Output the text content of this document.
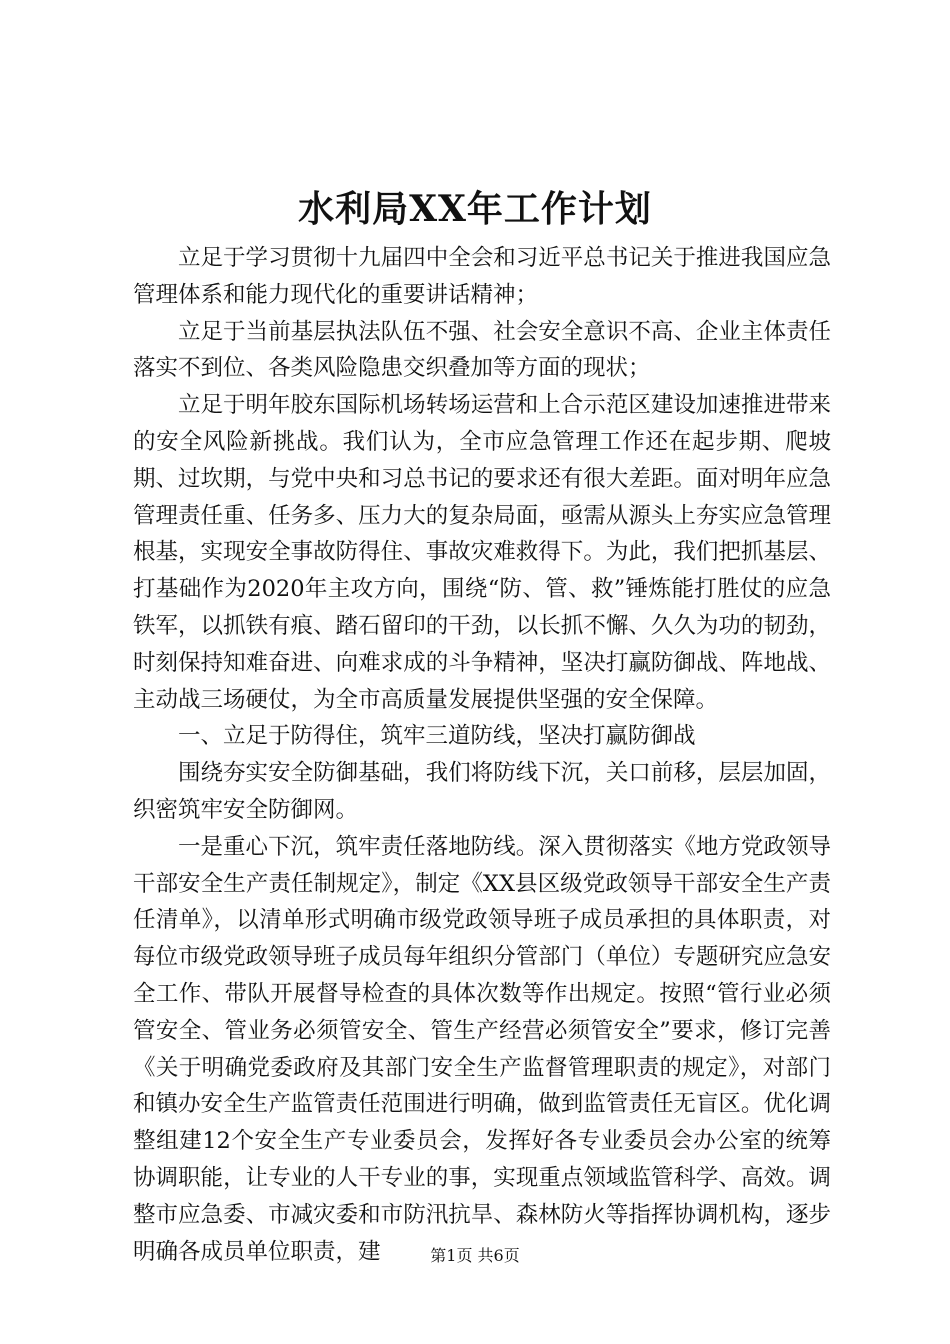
水利局XX年工作计划

立足于学习贯彻十九届四中全会和习近平总书记关于推进我国应急管理体系和能力现代化的重要讲话精神；

立足于当前基层执法队伍不强、社会安全意识不高、企业主体责任落实不到位、各类风险隐患交织叠加等方面的现状；

立足于明年胶东国际机场转场运营和上合示范区建设加速推进带来的安全风险新挑战。我们认为，全市应急管理工作还在起步期、爬坡期、过坎期，与党中央和习总书记的要求还有很大差距。面对明年应急管理责任重、任务多、压力大的复杂局面，亟需从源头上夯实应急管理根基，实现安全事故防得住、事故灾难救得下。为此，我们把抓基层、打基础作为2020年主攻方向，围绕“防、管、救”锤炼能打胜仗的应急铁军，以抓铁有痕、踏石留印的干劲，以长抓不懈、久久为功的韧劲，时刻保持知难奋进、向难求成的斗争精神，坚决打赢防御战、阵地战、主动战三场硬仗，为全市高质量发展提供坚强的安全保障。

一、立足于防得住，筑牢三道防线，坚决打赢防御战

围绕夯实安全防御基础，我们将防线下沉，关口前移，层层加固，织密筑牢安全防御网。

一是重心下沉，筑牢责任落地防线。深入贯彻落实《地方党政领导干部安全生产责任制规定》，制定《XX县区级党政领导干部安全生产责任清单》，以清单形式明确市级党政领导班子成员承担的具体职责，对每位市级党政领导班子成员每年组织分管部门（单位）专题研究应急安全工作、带队开展督导检查的具体次数等作出规定。按照“管行业必须管安全、管业务必须管安全、管生产经营必须管安全”要求，修订完善《关于明确党委政府及其部门安全生产监督管理职责的规定》，对部门和镇办安全生产监管责任范围进行明确，做到监管责任无盲区。优化调整组建12个安全生产专业委员会，发挥好各专业委员会办公室的统筹协调职能，让专业的人干专业的事，实现重点领域监管科学、高效。调整市应急委、市减灾委和市防汛抗旱、森林防火等指挥协调机构，逐步明确各成员单位职责，建	第1页 共6页
